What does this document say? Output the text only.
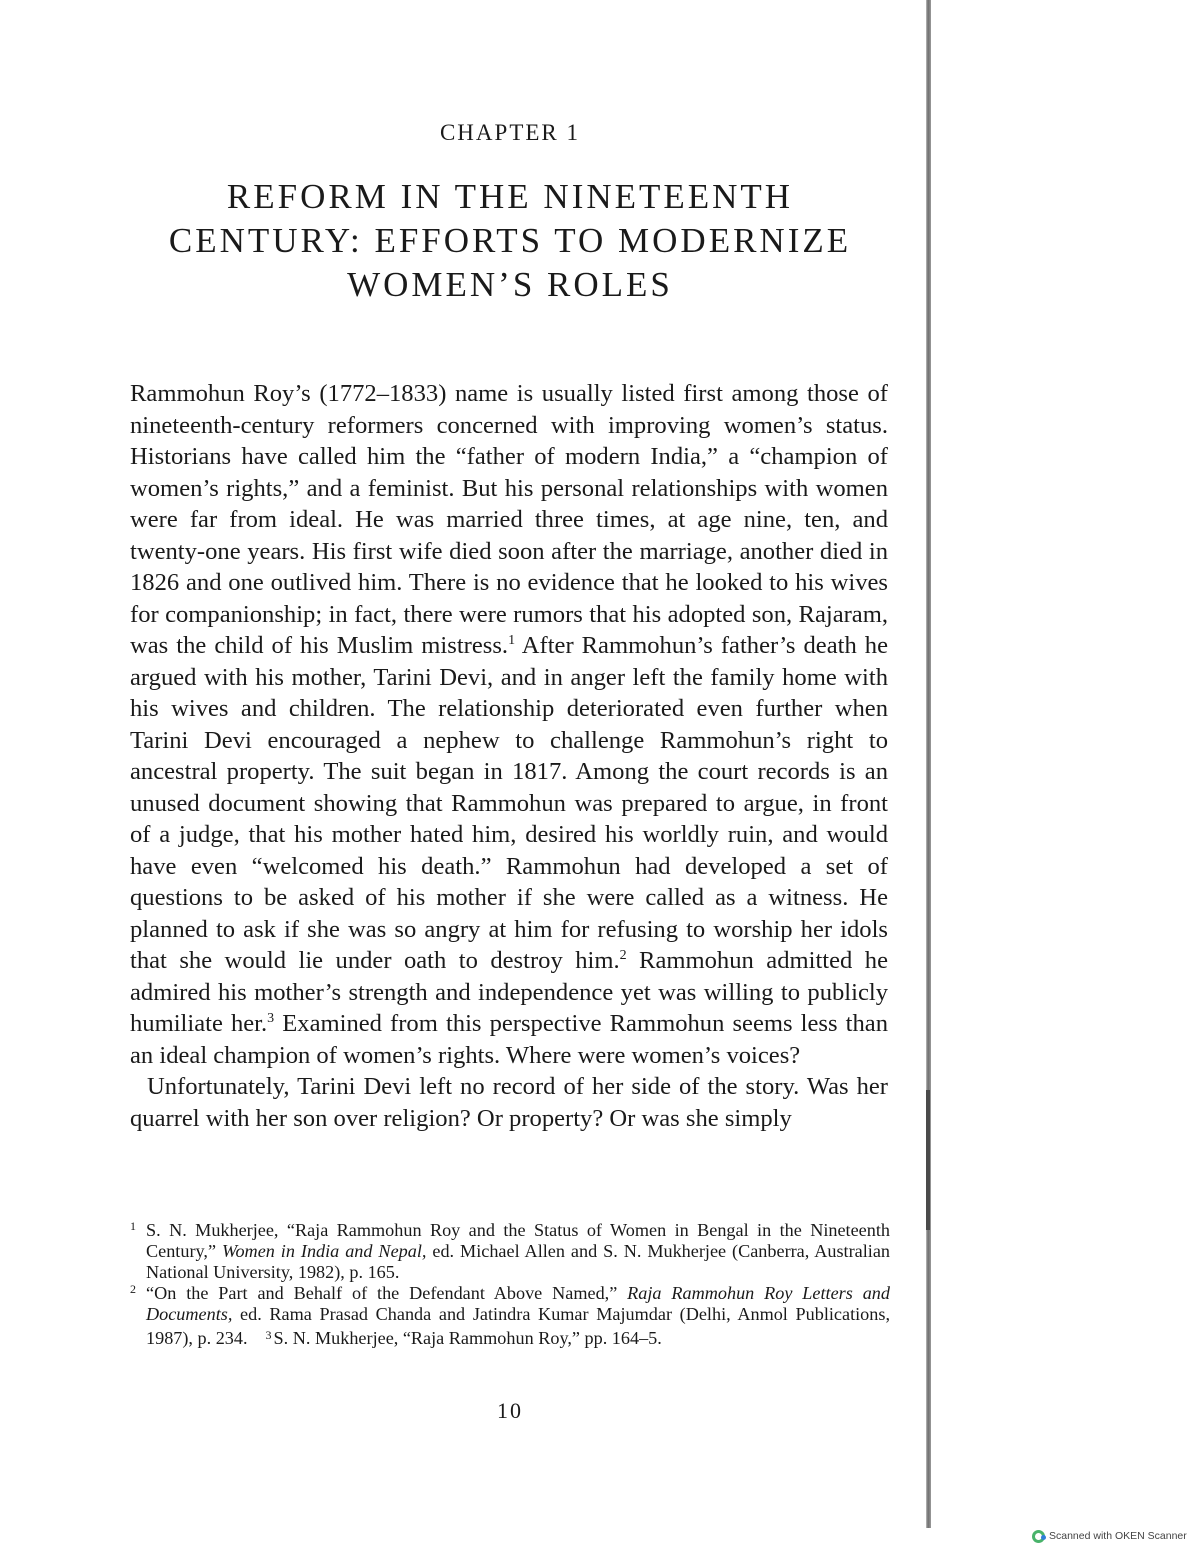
CHAPTER 1
REFORM IN THE NINETEENTH
CENTURY: EFFORTS TO MODERNIZE
WOMEN’S ROLES

Rammohun Roy’s (1772–1833) name is usually listed first among those of nineteenth-century reformers concerned with improving women’s status. Historians have called him the “father of modern India,” a “champion of women’s rights,” and a feminist. But his personal relationships with women were far from ideal. He was married three times, at age nine, ten, and twenty-one years. His first wife died soon after the marriage, another died in 1826 and one outlived him. There is no evidence that he looked to his wives for companionship; in fact, there were rumors that his adopted son, Rajaram, was the child of his Muslim mistress.$^1$ After Rammohun’s father’s death he argued with his mother, Tarini Devi, and in anger left the family home with his wives and children. The relationship deteriorated even further when Tarini Devi encouraged a nephew to challenge Rammohun’s right to ancestral property. The suit began in 1817. Among the court records is an unused document showing that Rammohun was prepared to argue, in front of a judge, that his mother hated him, desired his worldly ruin, and would have even “welcomed his death.” Rammohun had developed a set of questions to be asked of his mother if she were called as a witness. He planned to ask if she was so angry at him for refusing to worship her idols that she would lie under oath to destroy him.$^2$ Rammohun admitted he admired his mother’s strength and independence yet was willing to publicly humiliate her.$^3$ Examined from this perspective Rammohun seems less than an ideal champion of women’s rights. Where were women’s voices?

Unfortunately, Tarini Devi left no record of her side of the story. Was her quarrel with her son over religion? Or property? Or was she simply

1 S. N. Mukherjee, “Raja Rammohun Roy and the Status of Women in Bengal in the Nineteenth Century,” Women in India and Nepal, ed. Michael Allen and S. N. Mukherjee (Canberra, Australian National University, 1982), p. 165.

2 “On the Part and Behalf of the Defendant Above Named,” Raja Rammohun Roy Letters and Documents, ed. Rama Prasad Chanda and Jatindra Kumar Majumdar (Delhi, Anmol Publications, 1987), p. 234. $^3$ S. N. Mukherjee, “Raja Rammohun Roy,” pp. 164–5.

10
Scanned with OKEN Scanner
